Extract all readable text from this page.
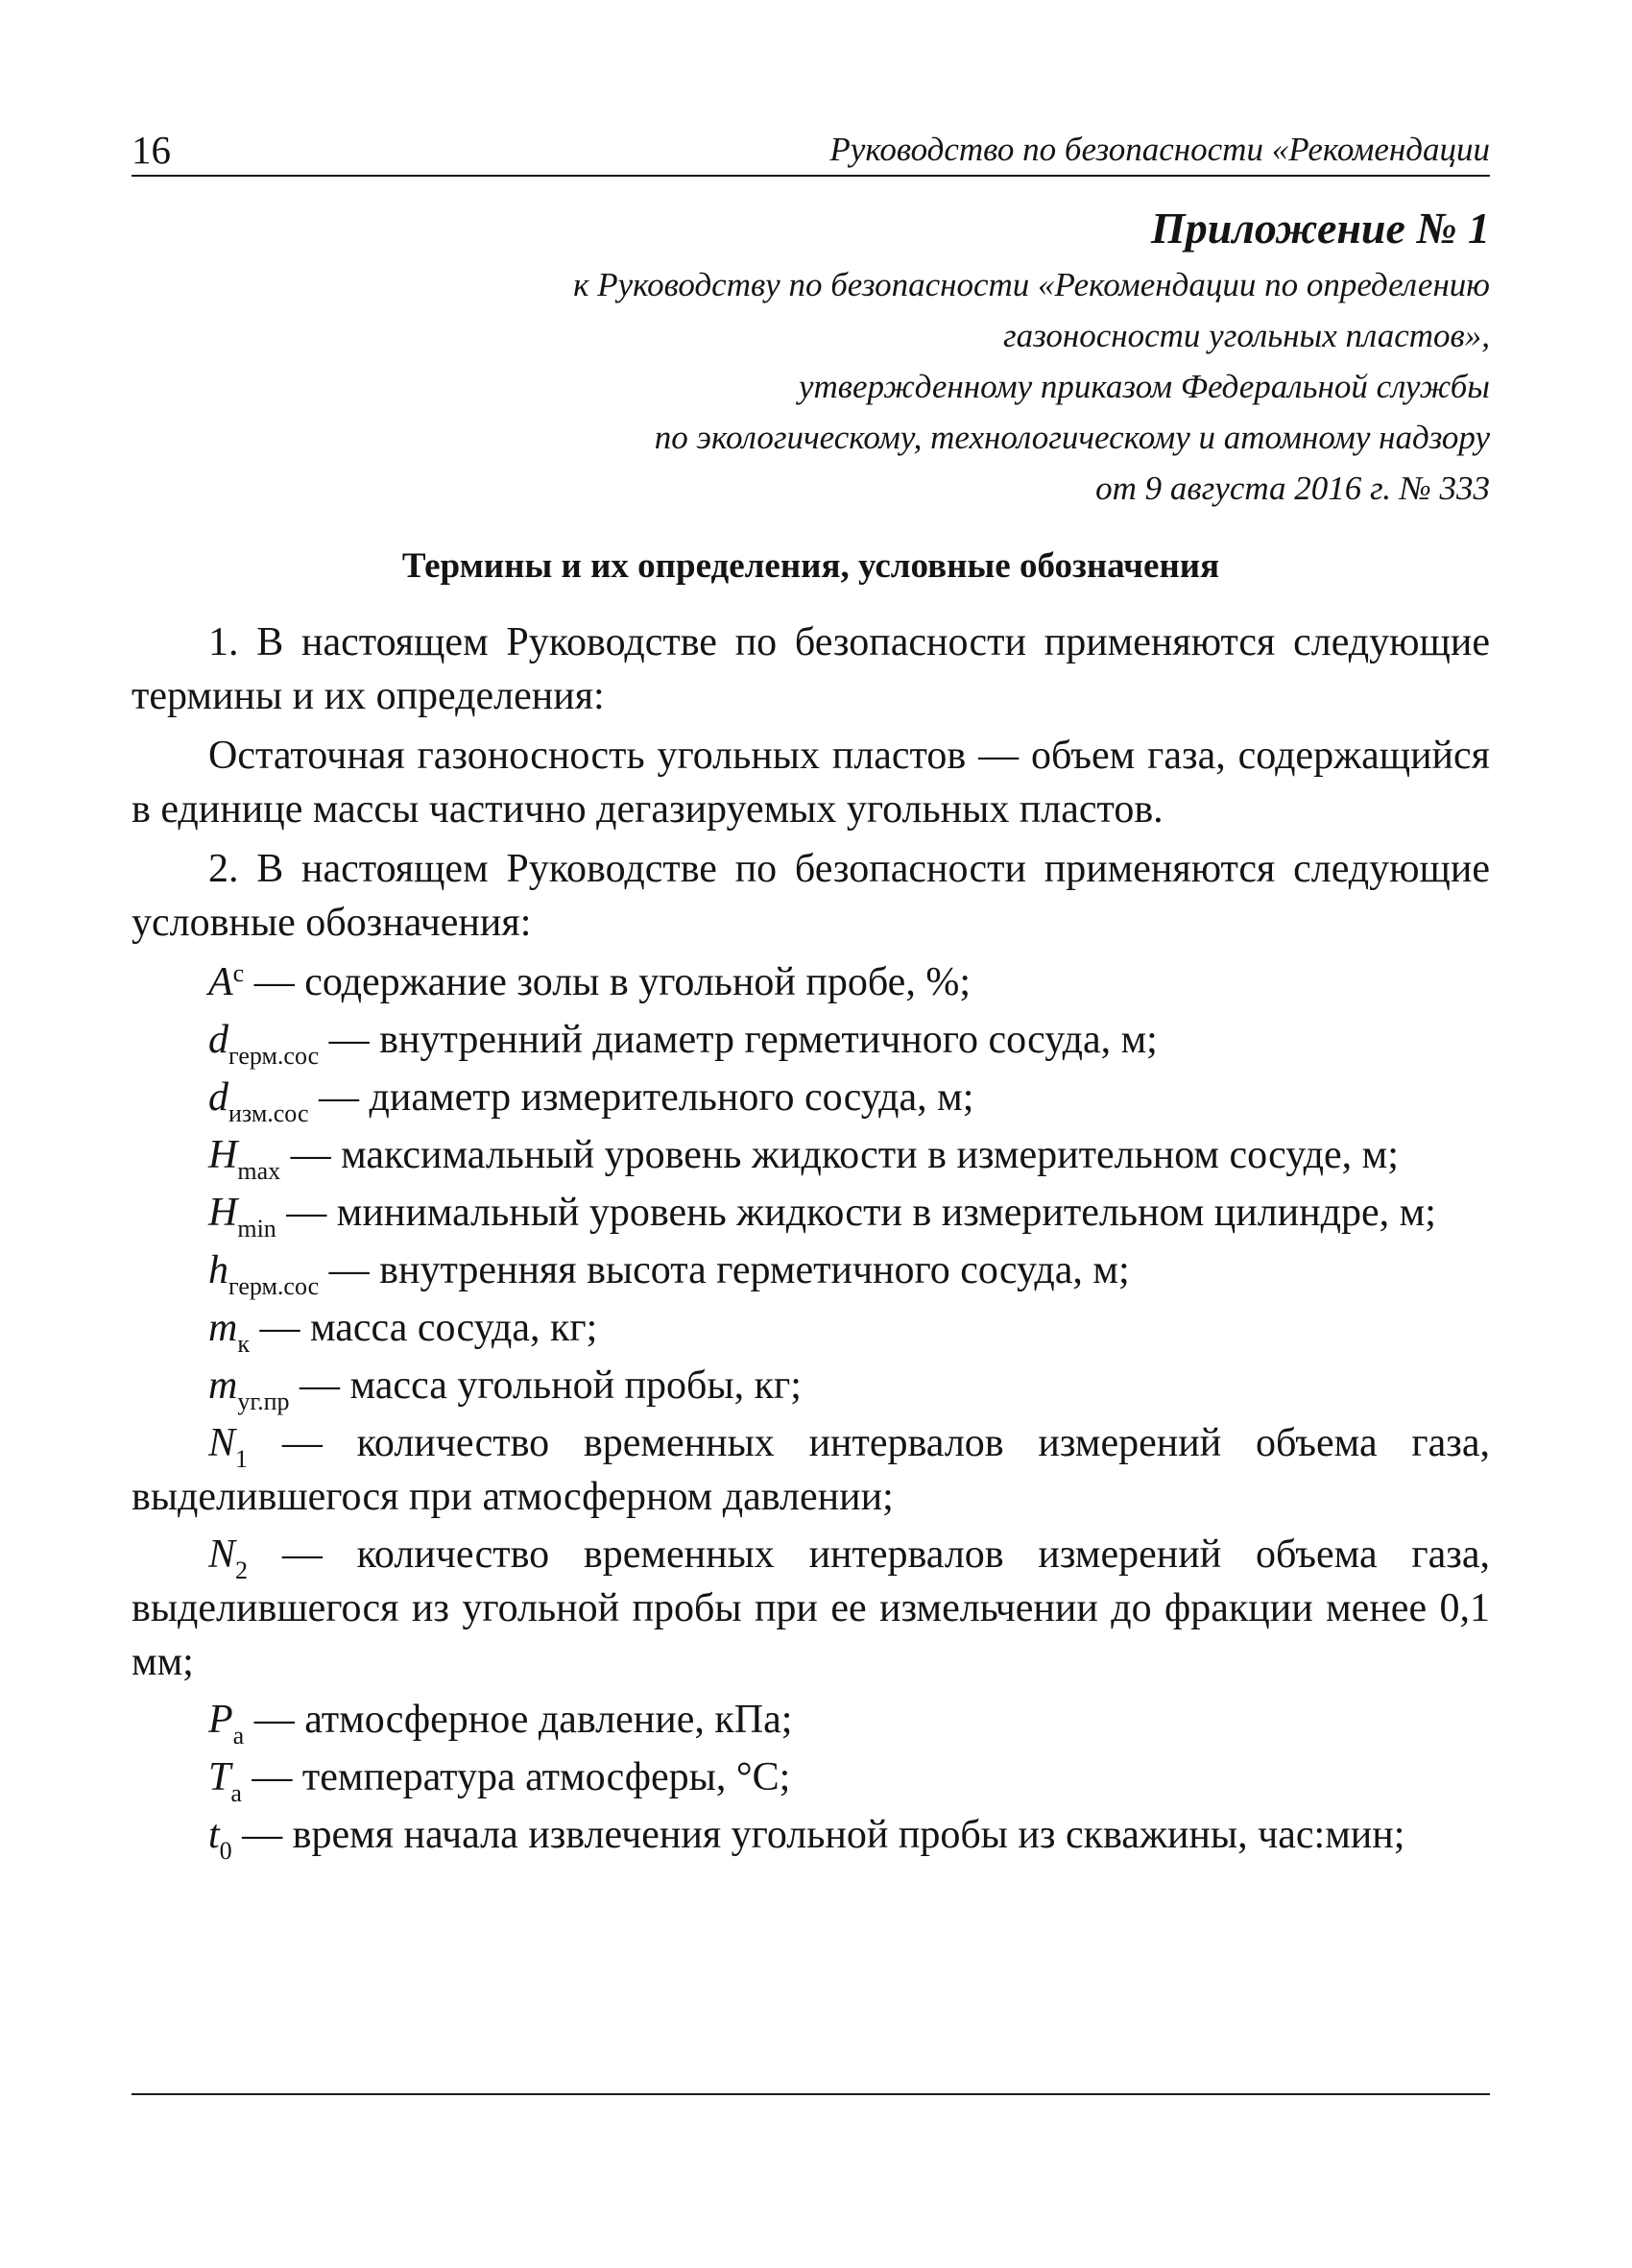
16	Руководство по безопасности «Рекомендации
Приложение № 1
к Руководству по безопасности «Рекомендации по определению
газоносности угольных пластов»,
утвержденному приказом Федеральной службы
по экологическому, технологическому и атомному надзору
от 9 августа 2016 г. № 333
Термины и их определения, условные обозначения

1. В настоящем Руководстве по безопасности применяются следующие термины и их определения:

Остаточная газоносность угольных пластов — объем газа, содержащийся в единице массы частично дегазируемых угольных пластов.

2. В настоящем Руководстве по безопасности применяются следующие условные обозначения:

$A^c$ — содержание золы в угольной пробе, %;

$d_{герм.сос}$ — внутренний диаметр герметичного сосуда, м;

$d_{изм.сос}$ — диаметр измерительного сосуда, м;

$H_{max}$ — максимальный уровень жидкости в измерительном сосуде, м;

$H_{min}$ — минимальный уровень жидкости в измерительном цилиндре, м;

$h_{герм.сос}$ — внутренняя высота герметичного сосуда, м;

$m_к$ — масса сосуда, кг;

$m_{уг.пр}$ — масса угольной пробы, кг;

$N_1$ — количество временных интервалов измерений объема газа, выделившегося при атмосферном давлении;

$N_2$ — количество временных интервалов измерений объема газа, выделившегося из угольной пробы при ее измельчении до фракции менее 0,1 мм;

$P_а$ — атмосферное давление, кПа;

$T_а$ — температура атмосферы, °С;

$t_0$ — время начала извлечения угольной пробы из скважины, час:мин;
